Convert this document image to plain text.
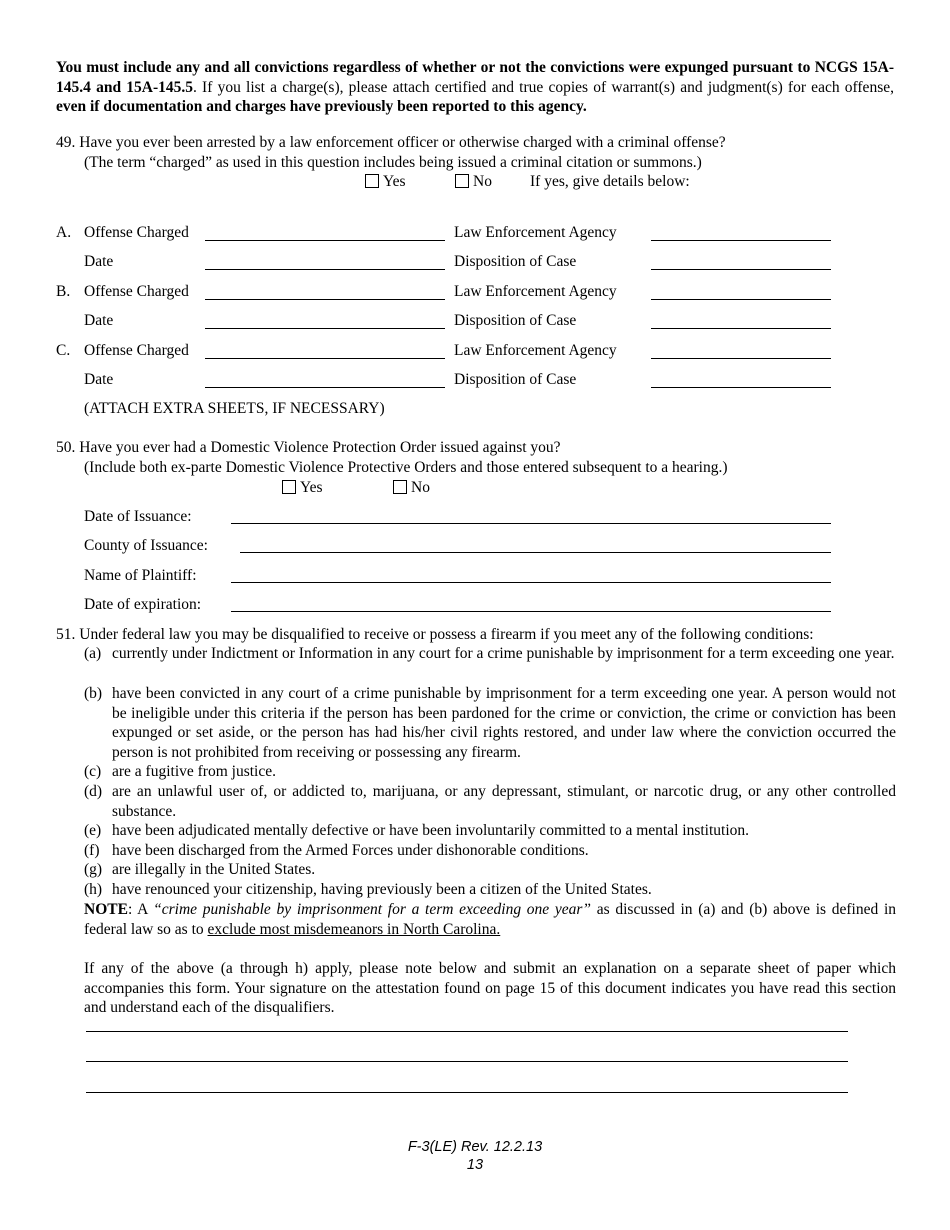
You must include any and all convictions regardless of whether or not the convictions were expunged pursuant to NCGS 15A-145.4 and 15A-145.5. If you list a charge(s), please attach certified and true copies of warrant(s) and judgment(s) for each offense, even if documentation and charges have previously been reported to this agency.
49. Have you ever been arrested by a law enforcement officer or otherwise charged with a criminal offense?
(The term “charged” as used in this question includes being issued a criminal citation or summons.)
Yes	No If yes, give details below:
A. Offense Charged	Law Enforcement Agency
Date	Disposition of Case
B. Offense Charged	Law Enforcement Agency
Date	Disposition of Case
C. Offense Charged	Law Enforcement Agency
Date	Disposition of Case
(ATTACH EXTRA SHEETS, IF NECESSARY)
50. Have you ever had a Domestic Violence Protection Order issued against you?
(Include both ex-parte Domestic Violence Protective Orders and those entered subsequent to a hearing.)
Yes	No
Date of Issuance:
County of Issuance:
Name of Plaintiff:
Date of expiration:
51. Under federal law you may be disqualified to receive or possess a firearm if you meet any of the following conditions:
(a) currently under Indictment or Information in any court for a crime punishable by imprisonment for a term exceeding one year.
(b) have been convicted in any court of a crime punishable by imprisonment for a term exceeding one year. A person would not be ineligible under this criteria if the person has been pardoned for the crime or conviction, the crime or conviction has been expunged or set aside, or the person has had his/her civil rights restored, and under law where the conviction occurred the person is not prohibited from receiving or possessing any firearm.
(c) are a fugitive from justice.
(d) are an unlawful user of, or addicted to, marijuana, or any depressant, stimulant, or narcotic drug, or any other controlled substance.
(e) have been adjudicated mentally defective or have been involuntarily committed to a mental institution.
(f) have been discharged from the Armed Forces under dishonorable conditions.
(g) are illegally in the United States.
(h) have renounced your citizenship, having previously been a citizen of the United States.
NOTE: A “crime punishable by imprisonment for a term exceeding one year” as discussed in (a) and (b) above is defined in federal law so as to exclude most misdemeanors in North Carolina.
If any of the above (a through h) apply, please note below and submit an explanation on a separate sheet of paper which accompanies this form. Your signature on the attestation found on page 15 of this document indicates you have read this section and understand each of the disqualifiers.
F-3(LE) Rev. 12.2.13
13
